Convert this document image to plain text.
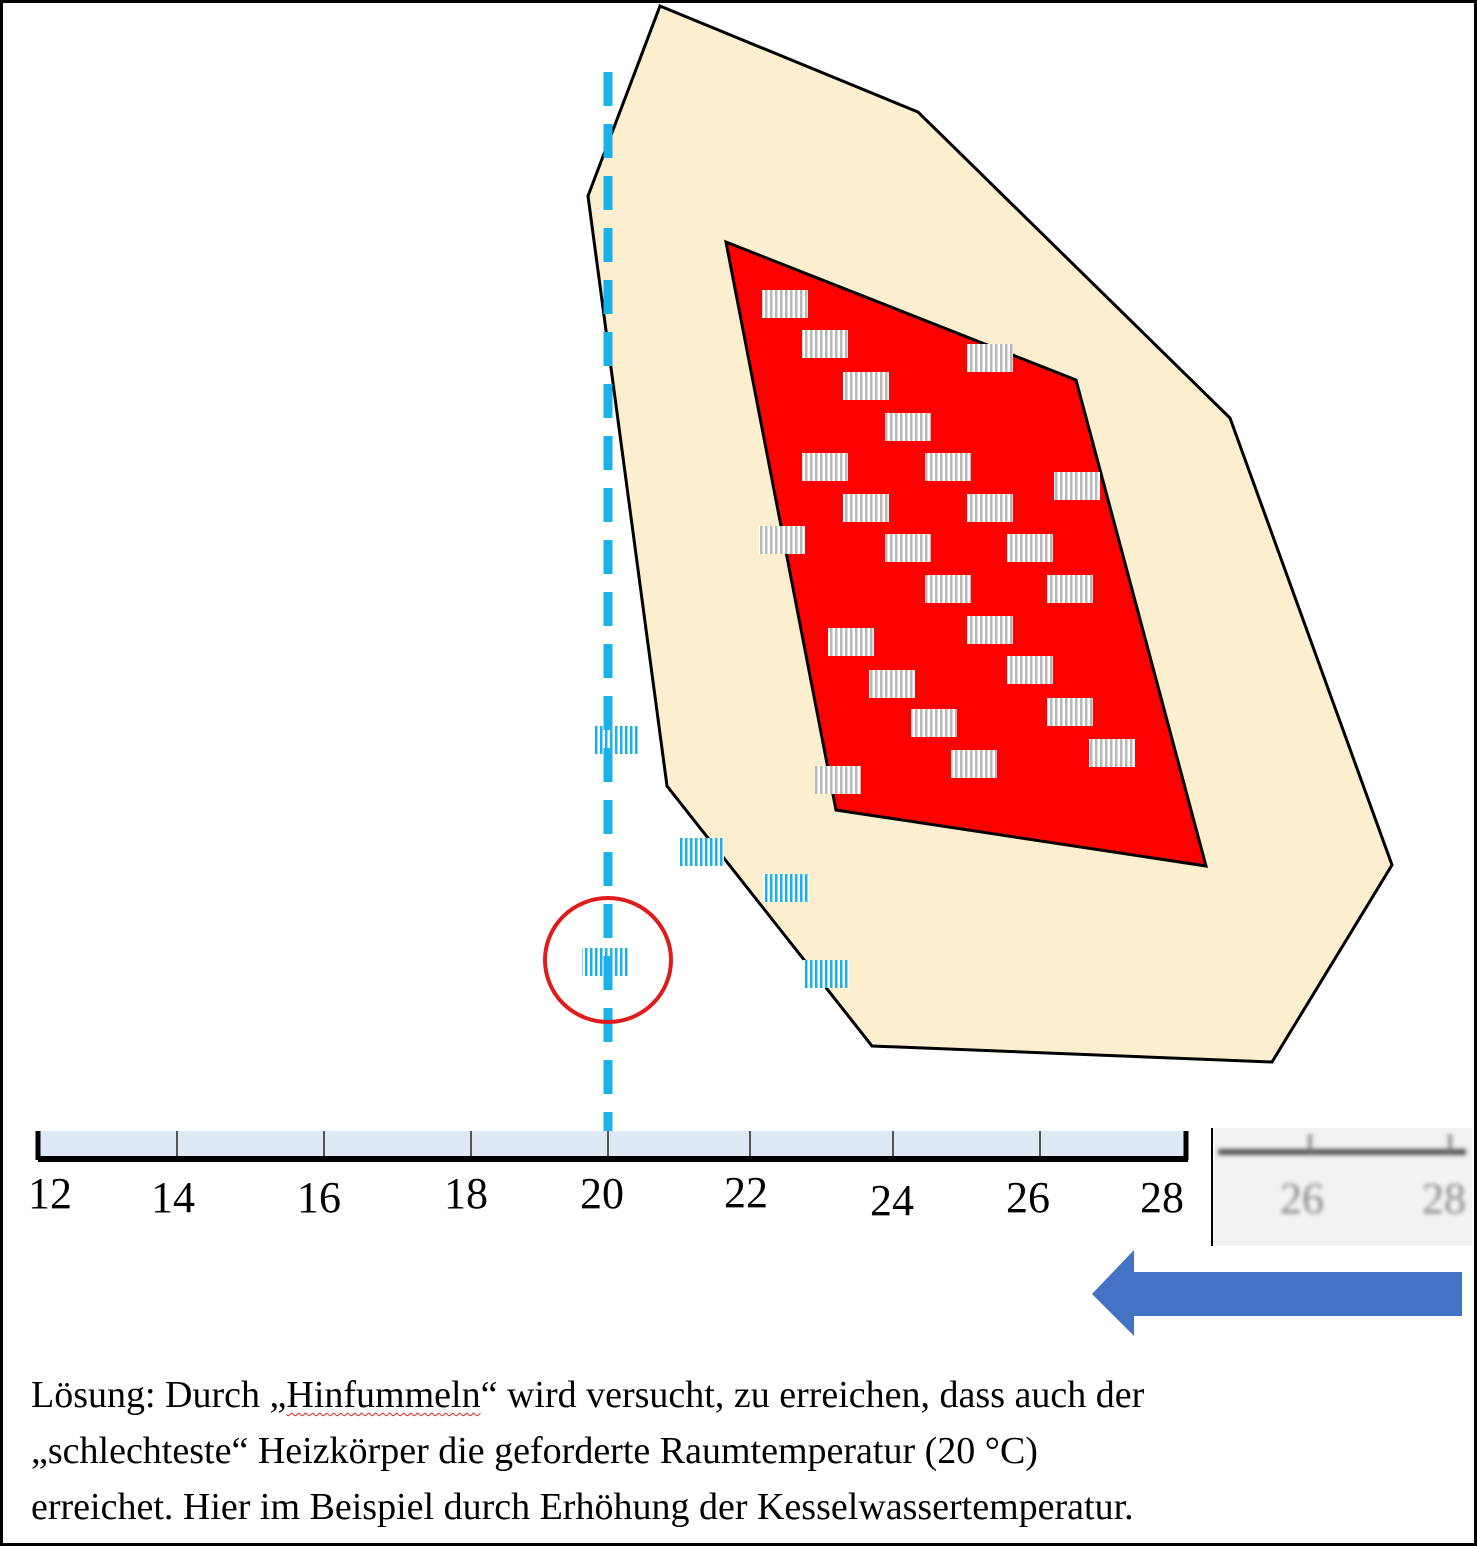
12 14 16 18 20 22 24 26 28 26 28
Lösung: Durch „Hinfummeln“ wird versucht, zu erreichen, dass auch der
„schlechteste“ Heizkörper die geforderte Raumtemperatur (20 °C)
erreichet. Hier im Beispiel durch Erhöhung der Kesselwassertemperatur.
